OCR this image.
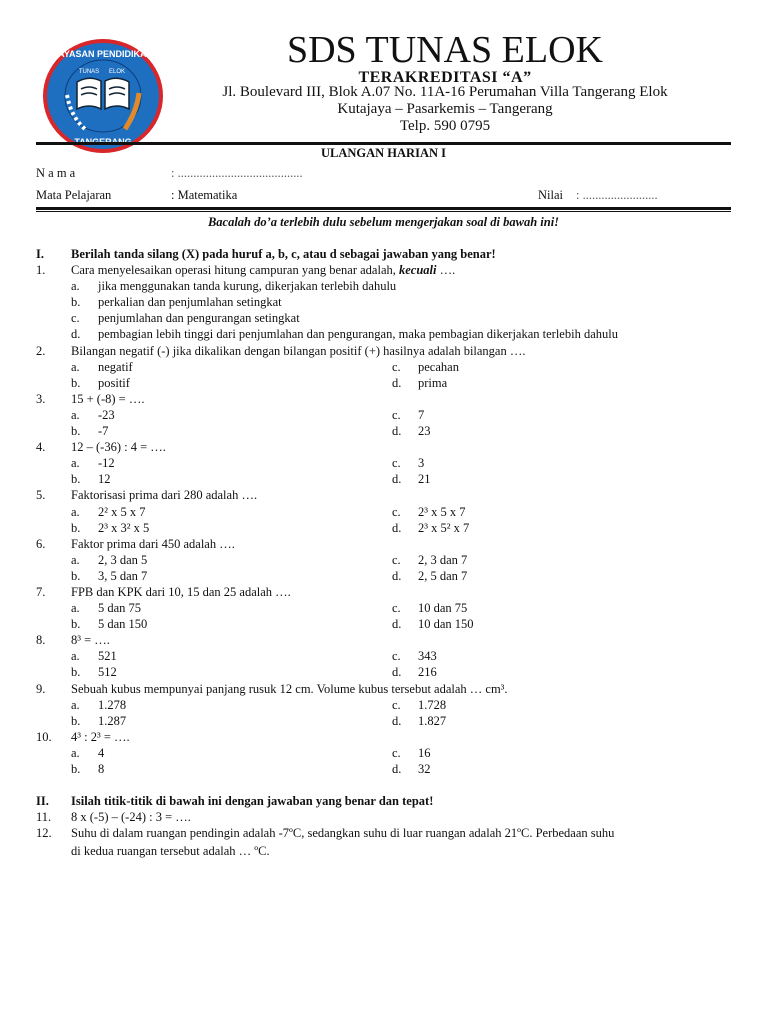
YAYASAN PENDIDIKAN
TUNAS ELOK
SDS TUNAS ELOK
TERAKREDITASI “A”
Jl. Boulevard III, Blok A.07 No. 11A-16 Perumahan Villa Tangerang Elok
Kutajaya – Pasarkemis – Tangerang
Telp. 590 0795
ULANGAN HARIAN I
N a m a	: ........................................
Mata Pelajaran	: Matematika	Nilai : ........................
Bacalah do’a terlebih dulu sebelum mengerjakan soal di bawah ini!
I. Berilah tanda silang (X) pada huruf a, b, c, atau d sebagai jawaban yang benar!
1. Cara menyelesaikan operasi hitung campuran yang benar adalah, kecuali ….
a. jika menggunakan tanda kurung, dikerjakan terlebih dahulu
b. perkalian dan penjumlahan setingkat
c. penjumlahan dan pengurangan setingkat
d. pembagian lebih tinggi dari penjumlahan dan pengurangan, maka pembagian dikerjakan terlebih dahulu
2. Bilangan negatif (-) jika dikalikan dengan bilangan positif (+) hasilnya adalah bilangan ….
a. negatif	c. pecahan
b. positif	d. prima
3. 15 + (-8) = ….
a. -23	c. 7
b. -7	d. 23
4. 12 – (-36) : 4 = ….
a. -12	c. 3
b. 12	d. 21
5. Faktorisasi prima dari 280 adalah ….
a. 2² x 5 x 7	c. 2³ x 5 x 7
b. 2³ x 3² x 5	d. 2³ x 5² x 7
6. Faktor prima dari 450 adalah ….
a. 2, 3 dan 5	c. 2, 3 dan 7
b. 3, 5 dan 7	d. 2, 5 dan 7
7. FPB dan KPK dari 10, 15 dan 25 adalah ….
a. 5 dan 75	c. 10 dan 75
b. 5 dan 150	d. 10 dan 150
8. 8³ = ….
a. 521	c. 343
b. 512	d. 216
9. Sebuah kubus mempunyai panjang rusuk 12 cm. Volume kubus tersebut adalah … cm³.
a. 1.278	c. 1.728
b. 1.287	d. 1.827
10. 4³ : 2³ = ….
a. 4	c. 16
b. 8	d. 32
II. Isilah titik-titik di bawah ini dengan jawaban yang benar dan tepat!
11. 8 x (-5) – (-24) : 3 = ….
12. Suhu di dalam ruangan pendingin adalah -7ºC, sedangkan suhu di luar ruangan adalah 21ºC. Perbedaan suhu
di kedua ruangan tersebut adalah … ºC.
